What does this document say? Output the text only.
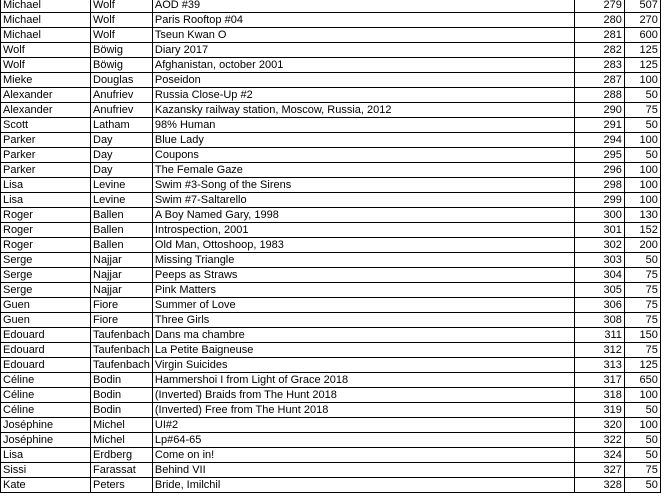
Michael	Wolf	AOD #39	279	507
Michael	Wolf	Paris Rooftop #04	280	270
Michael	Wolf	Tseun Kwan O	281	600
Wolf	Böwig	Diary 2017	282	125
Wolf	Böwig	Afghanistan, october 2001	283	125
Mieke	Douglas	Poseidon	287	100
Alexander	Anufriev	Russia Close-Up #2	288	50
Alexander	Anufriev	Kazansky railway station, Moscow, Russia, 2012	290	75
Scott	Latham	98% Human	291	50
Parker	Day	Blue Lady	294	100
Parker	Day	Coupons	295	50
Parker	Day	The Female Gaze	296	100
Lisa	Levine	Swim #3-Song of the Sirens	298	100
Lisa	Levine	Swim #7-Saltarello	299	100
Roger	Ballen	A Boy Named Gary, 1998	300	130
Roger	Ballen	Introspection, 2001	301	152
Roger	Ballen	Old Man, Ottoshoop, 1983	302	200
Serge	Najjar	Missing Triangle	303	50
Serge	Najjar	Peeps as Straws	304	75
Serge	Najjar	Pink Matters	305	75
Guen	Fiore	Summer of Love	306	75
Guen	Fiore	Three Girls	308	75
Edouard	Taufenbach	Dans ma chambre	311	150
Edouard	Taufenbach	La Petite Baigneuse	312	75
Edouard	Taufenbach	Virgin Suicides	313	125
Céline	Bodin	Hammershoi I from Light of Grace 2018	317	650
Céline	Bodin	(Inverted) Braids from The Hunt 2018	318	100
Céline	Bodin	(Inverted) Free from The Hunt 2018	319	50
Joséphine	Michel	UI#2	320	100
Joséphine	Michel	Lp#64-65	322	50
Lisa	Erdberg	Come on in!	324	50
Sissi	Farassat	Behind VII	327	75
Kate	Peters	Bride, Imilchil	328	50
